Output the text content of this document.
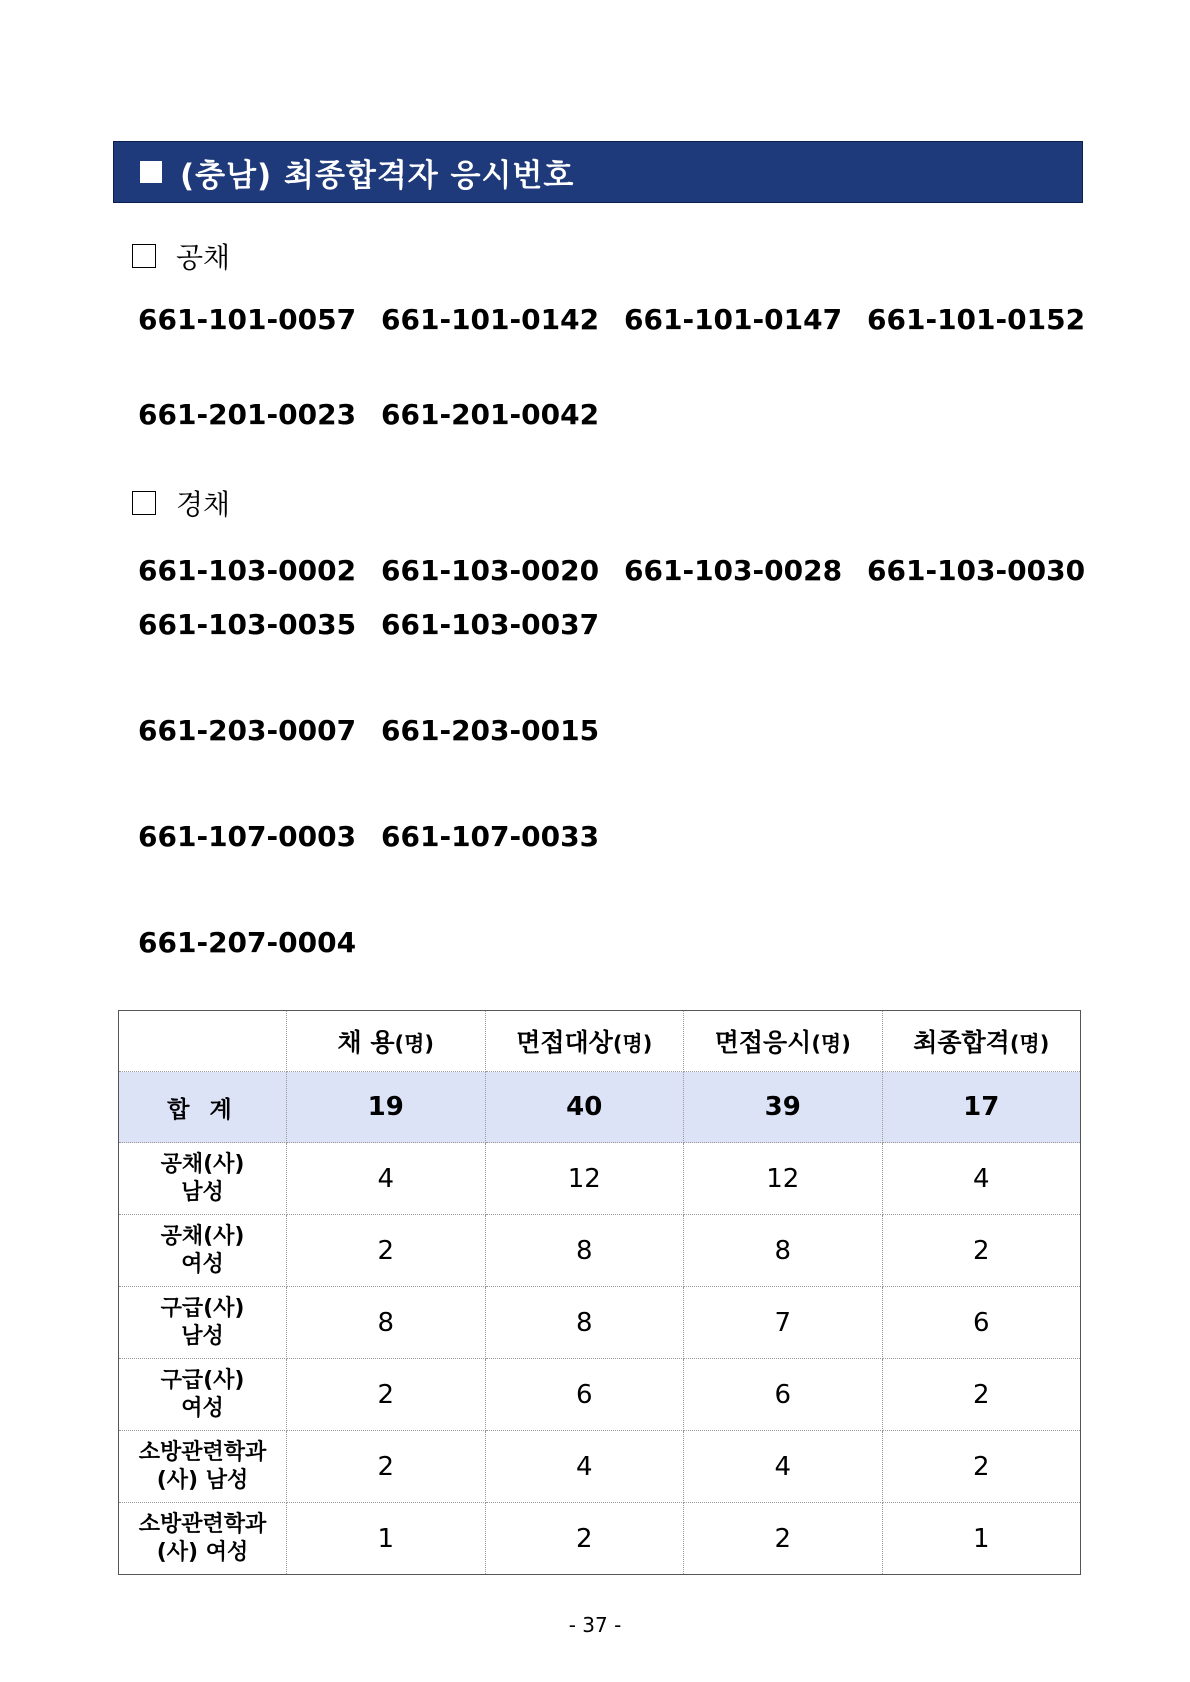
(충남) 최종합격자 응시번호
공채
661-101-0057 661-101-0142 661-101-0147 661-101-0152
661-201-0023 661-201-0042
경채
661-103-0002 661-103-0020 661-103-0028 661-103-0030
661-103-0035 661-103-0037
661-203-0007 661-203-0015
661-107-0003 661-107-0033
661-207-0004
충 남	채 용(명)	면접대상(명)	면접응시(명)	최종합격(명)
합 계	19	40	39	17
공채(사)
남성	4	12	12	4
공채(사)
여성	2	8	8	2
구급(사)
남성	8	8	7	6
구급(사)
여성	2	6	6	2
소방관련학과
(사) 남성	2	4	4	2
소방관련학과
(사) 여성	1	2	2	1
- 37 -
